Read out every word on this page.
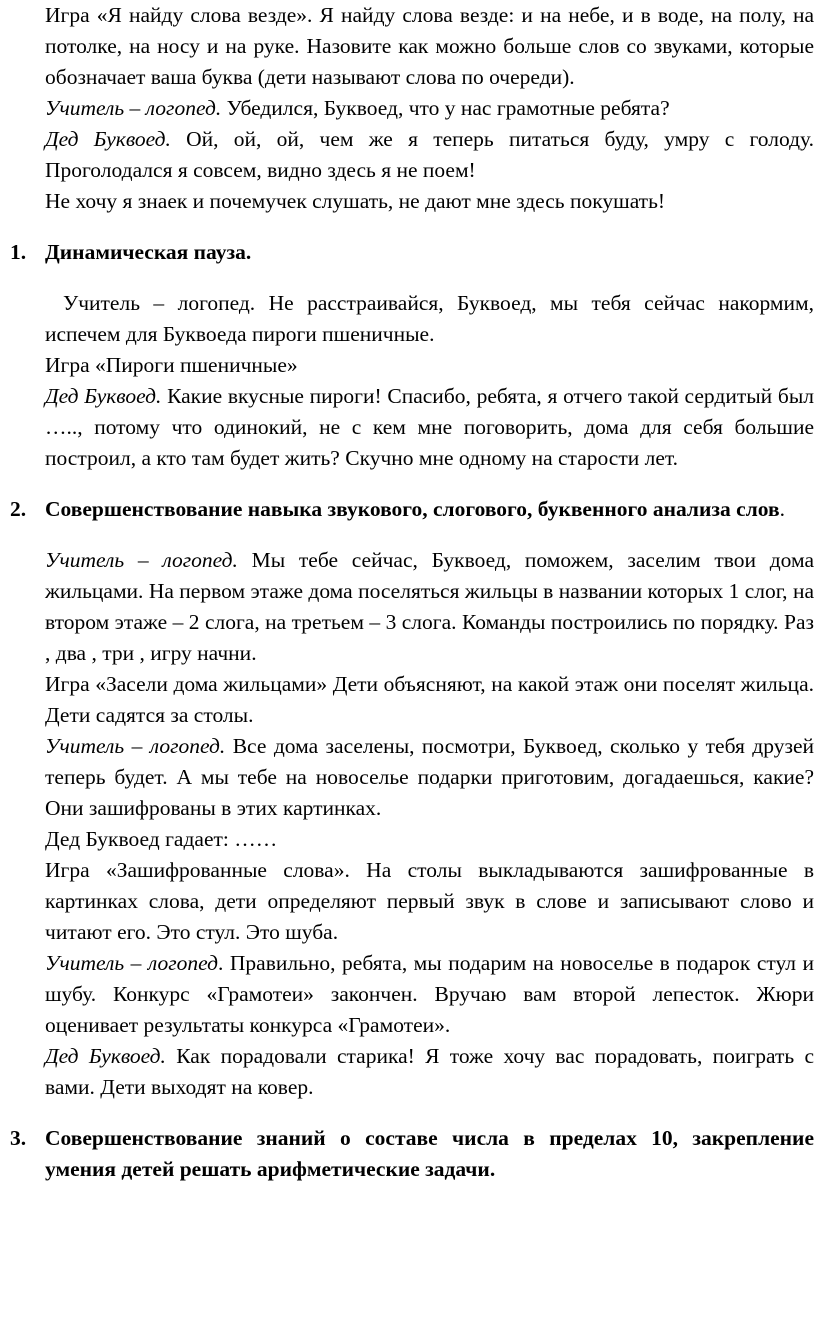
Игра «Я найду слова везде». Я найду слова везде: и на небе, и в воде, на полу, на потолке, на носу и на руке. Назовите как можно больше слов со звуками, которые обозначает ваша буква (дети называют слова по очереди).

Учитель – логопед. Убедился, Буквоед, что у нас грамотные ребята?

Дед Буквоед. Ой, ой, ой, чем же я теперь питаться буду, умру с голоду. Проголодался я совсем, видно здесь я не поем!

Не хочу я знаек и почемучек слушать, не дают мне здесь покушать!

1. Динамическая пауза.

Учитель – логопед. Не расстраивайся, Буквоед, мы тебя сейчас накормим, испечем для Буквоеда пироги пшеничные.

Игра «Пироги пшеничные»

Дед Буквоед. Какие вкусные пироги! Спасибо, ребята, я отчего такой сердитый был ….., потому что одинокий, не с кем мне поговорить, дома для себя большие построил, а кто там будет жить? Скучно мне одному на старости лет.

2. Совершенствование навыка звукового, слогового, буквенного анализа слов.

Учитель – логопед. Мы тебе сейчас, Буквоед, поможем, заселим твои дома жильцами. На первом этаже дома поселяться жильцы в названии которых 1 слог, на втором этаже – 2 слога, на третьем – 3 слога. Команды построились по порядку. Раз , два , три , игру начни.

Игра «Засели дома жильцами» Дети объясняют, на какой этаж они поселят жильца. Дети садятся за столы.

Учитель – логопед. Все дома заселены, посмотри, Буквоед, сколько у тебя друзей теперь будет. А мы тебе на новоселье подарки приготовим, догадаешься, какие? Они зашифрованы в этих картинках.

Дед Буквоед гадает: ……

Игра «Зашифрованные слова». На столы выкладываются зашифрованные в картинках слова, дети определяют первый звук в слове и записывают слово и читают его. Это стул. Это шуба.

Учитель – логопед. Правильно, ребята, мы подарим на новоселье в подарок стул и шубу. Конкурс «Грамотеи» закончен. Вручаю вам второй лепесток. Жюри оценивает результаты конкурса «Грамотеи».

Дед Буквоед. Как порадовали старика! Я тоже хочу вас порадовать, поиграть с вами. Дети выходят на ковер.

3. Совершенствование знаний о составе числа в пределах 10, закрепление умения детей решать арифметические задачи.
